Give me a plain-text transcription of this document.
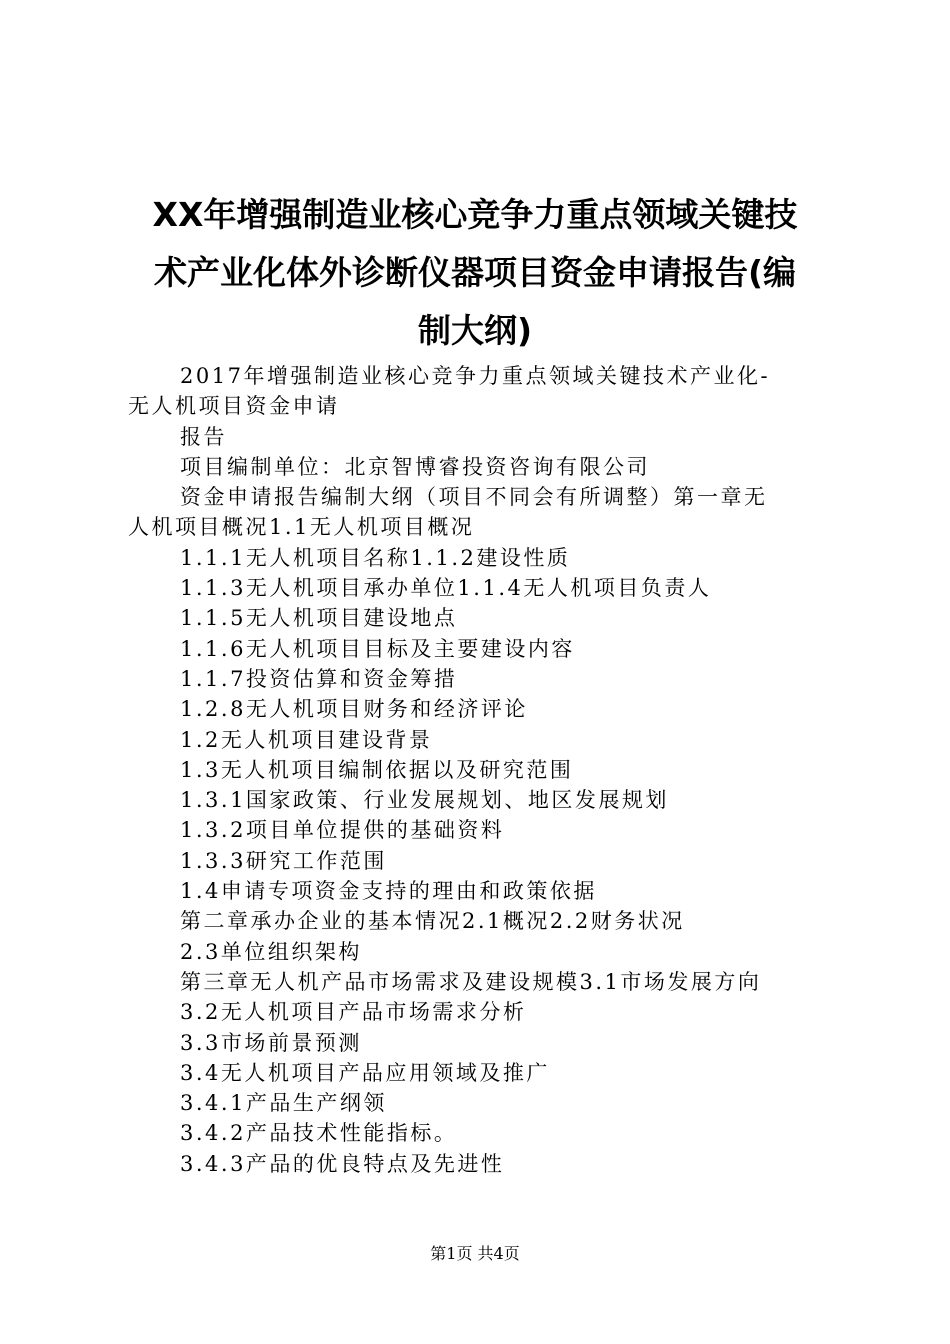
XX年增强制造业核心竞争力重点领域关键技
术产业化体外诊断仪器项目资金申请报告(编
制大纲)

2017年增强制造业核心竞争力重点领域关键技术产业化-

无人机项目资金申请

报告

项目编制单位：北京智博睿投资咨询有限公司

资金申请报告编制大纲（项目不同会有所调整）第一章无

人机项目概况1.1无人机项目概况

1.1.1无人机项目名称1.1.2建设性质

1.1.3无人机项目承办单位1.1.4无人机项目负责人

1.1.5无人机项目建设地点

1.1.6无人机项目目标及主要建设内容

1.1.7投资估算和资金筹措

1.2.8无人机项目财务和经济评论

1.2无人机项目建设背景

1.3无人机项目编制依据以及研究范围

1.3.1国家政策、行业发展规划、地区发展规划

1.3.2项目单位提供的基础资料

1.3.3研究工作范围

1.4申请专项资金支持的理由和政策依据

第二章承办企业的基本情况2.1概况2.2财务状况

2.3单位组织架构

第三章无人机产品市场需求及建设规模3.1市场发展方向

3.2无人机项目产品市场需求分析

3.3市场前景预测

3.4无人机项目产品应用领域及推广

3.4.1产品生产纲领

3.4.2产品技术性能指标。

3.4.3产品的优良特点及先进性

第1页 共4页
